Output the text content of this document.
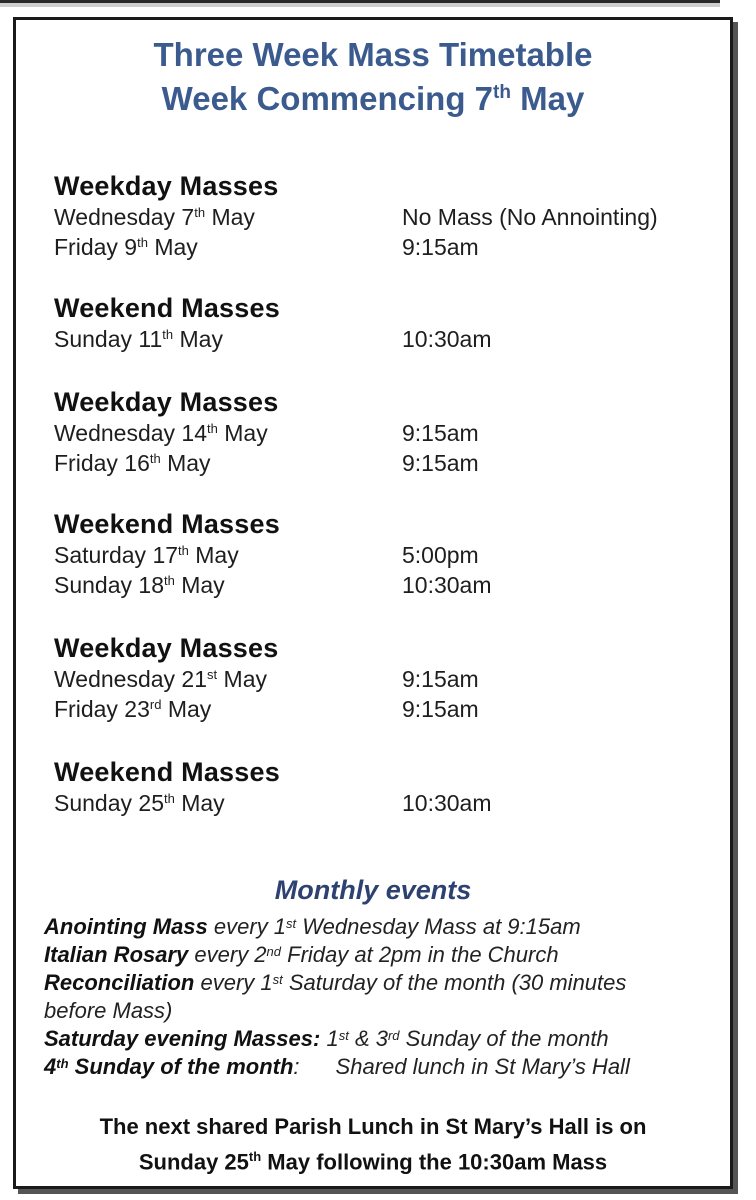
Three Week Mass Timetable
Week Commencing 7th May
Weekday Masses
Wednesday 7th May	No Mass (No Annointing)
Friday 9th May	9:15am
Weekend Masses
Sunday 11th May	10:30am
Weekday Masses
Wednesday 14th May	9:15am
Friday 16th May	9:15am
Weekend Masses
Saturday 17th May	5:00pm
Sunday 18th May	10:30am
Weekday Masses
Wednesday 21st May	9:15am
Friday 23rd May	9:15am
Weekend Masses
Sunday 25th May	10:30am
Monthly events
Anointing Mass every 1st Wednesday Mass at 9:15am
Italian Rosary every 2nd Friday at 2pm in the Church
Reconciliation every 1st Saturday of the month (30 minutes
before Mass)
Saturday evening Masses: 1st & 3rd Sunday of the month
4th Sunday of the month: Shared lunch in St Mary’s Hall
The next shared Parish Lunch in St Mary’s Hall is on
Sunday 25th May following the 10:30am Mass
